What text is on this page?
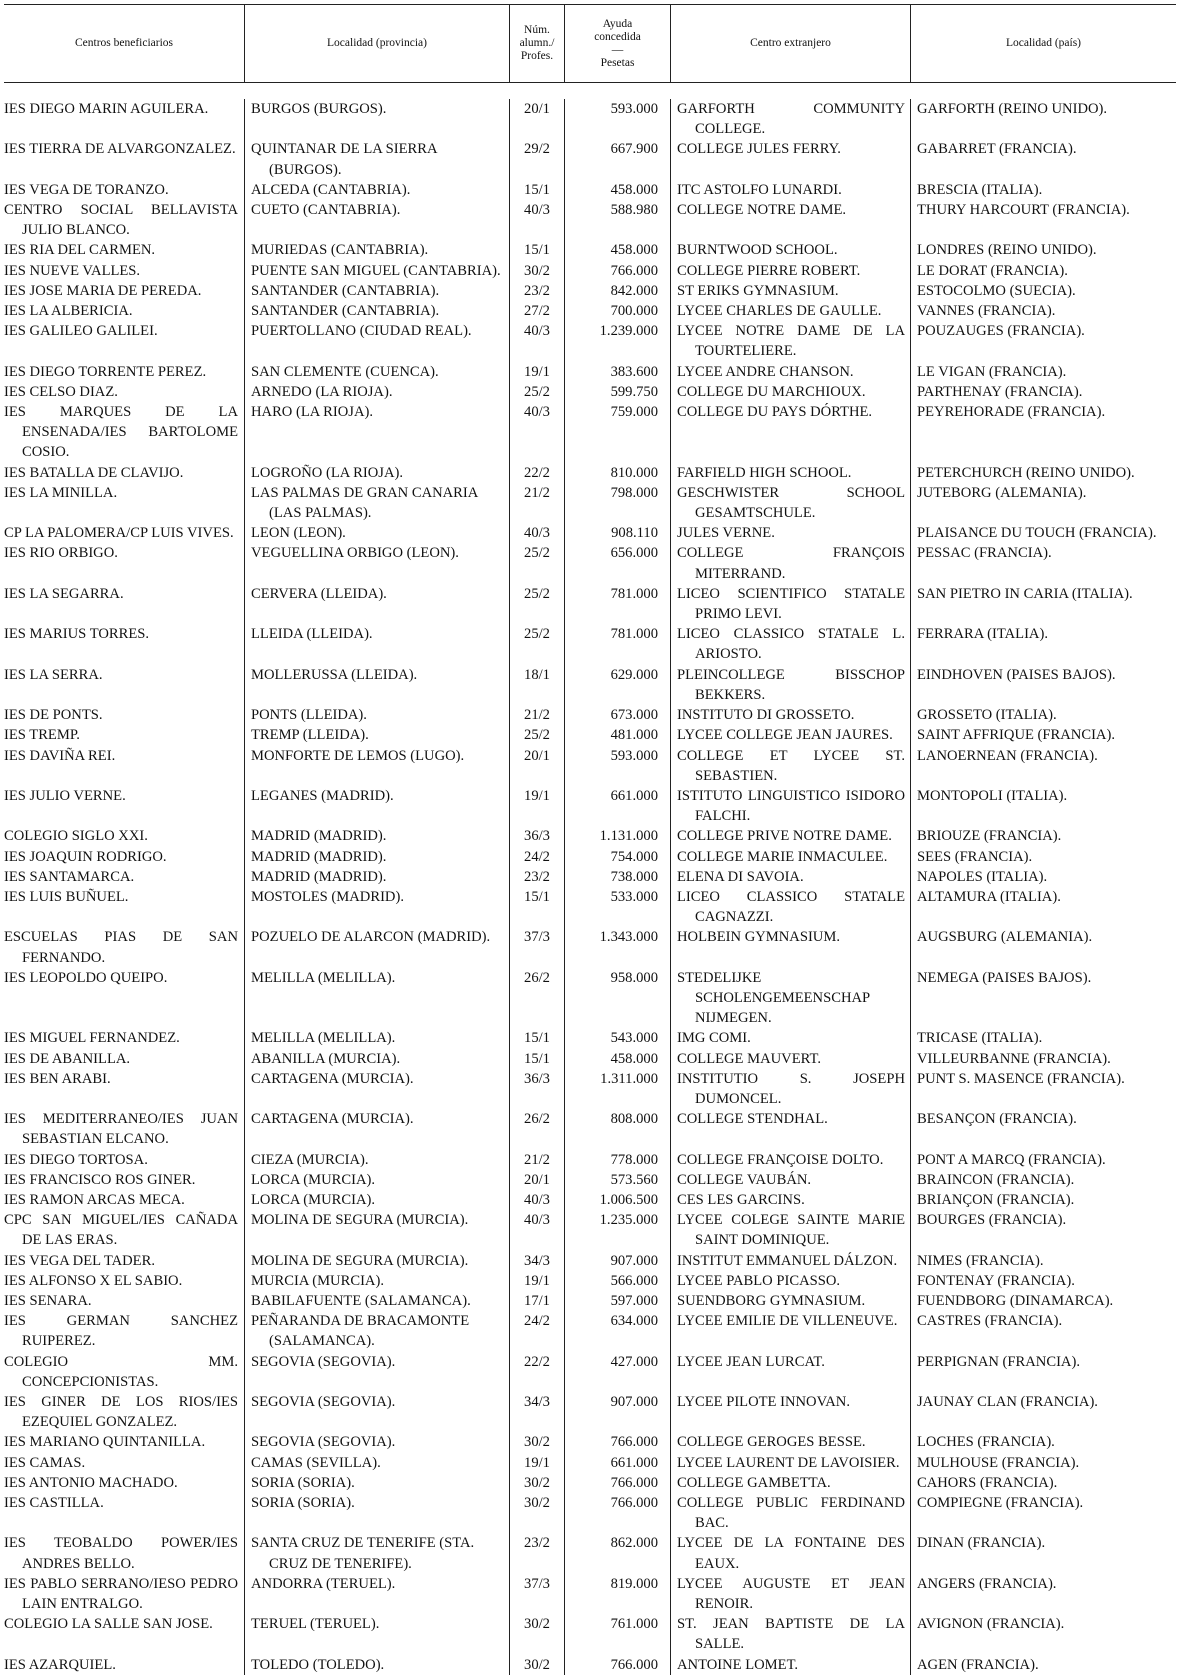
Centros beneficiarios	Localidad (provincia)
Núm.
alumn./
Profes.
Ayuda
concedida
—
Pesetas
Centro extranjero	Localidad (país)
IES DIEGO MARIN AGUILERA.
IES TIERRA DE ALVARGONZALEZ.
IES VEGA DE TORANZO.
CENTRO SOCIAL BELLAVISTA JULIO BLANCO.
IES RIA DEL CARMEN.
IES NUEVE VALLES.
IES JOSE MARIA DE PEREDA.
IES LA ALBERICIA.
IES GALILEO GALILEI.
IES DIEGO TORRENTE PEREZ.
IES CELSO DIAZ.
IES MARQUES DE LA ENSENADA/IES BARTOLOME COSIO.
IES BATALLA DE CLAVIJO.
IES LA MINILLA.
CP LA PALOMERA/CP LUIS VIVES.
IES RIO ORBIGO.
IES LA SEGARRA.
IES MARIUS TORRES.
IES LA SERRA.
IES DE PONTS.
IES TREMP.
IES DAVIÑA REI.
IES JULIO VERNE.
COLEGIO SIGLO XXI.
IES JOAQUIN RODRIGO.
IES SANTAMARCA.
IES LUIS BUÑUEL.
ESCUELAS PIAS DE SAN FERNANDO.
IES LEOPOLDO QUEIPO.
IES MIGUEL FERNANDEZ.
IES DE ABANILLA.
IES BEN ARABI.
IES MEDITERRANEO/IES JUAN SEBASTIAN ELCANO.
IES DIEGO TORTOSA.
IES FRANCISCO ROS GINER.
IES RAMON ARCAS MECA.
CPC SAN MIGUEL/IES CAÑADA DE LAS ERAS.
IES VEGA DEL TADER.
IES ALFONSO X EL SABIO.
IES SENARA.
IES GERMAN SANCHEZ RUIPEREZ.
COLEGIO MM. CONCEPCIONISTAS.
IES GINER DE LOS RIOS/IES EZEQUIEL GONZALEZ.
IES MARIANO QUINTANILLA.
IES CAMAS.
IES ANTONIO MACHADO.
IES CASTILLA.
IES TEOBALDO POWER/IES ANDRES BELLO.
IES PABLO SERRANO/IESO PEDRO LAIN ENTRALGO.
COLEGIO LA SALLE SAN JOSE.
IES AZARQUIEL.
BURGOS (BURGOS).
QUINTANAR DE LA SIERRA (BURGOS).
ALCEDA (CANTABRIA).
CUETO (CANTABRIA).
MURIEDAS (CANTABRIA).
PUENTE SAN MIGUEL (CANTABRIA).
SANTANDER (CANTABRIA).
SANTANDER (CANTABRIA).
PUERTOLLANO (CIUDAD REAL).
SAN CLEMENTE (CUENCA).
ARNEDO (LA RIOJA).
HARO (LA RIOJA).
LOGROÑO (LA RIOJA).
LAS PALMAS DE GRAN CANARIA (LAS PALMAS).
LEON (LEON).
VEGUELLINA ORBIGO (LEON).
CERVERA (LLEIDA).
LLEIDA (LLEIDA).
MOLLERUSSA (LLEIDA).
PONTS (LLEIDA).
TREMP (LLEIDA).
MONFORTE DE LEMOS (LUGO).
LEGANES (MADRID).
MADRID (MADRID).
MADRID (MADRID).
MADRID (MADRID).
MOSTOLES (MADRID).
POZUELO DE ALARCON (MADRID).
MELILLA (MELILLA).
MELILLA (MELILLA).
ABANILLA (MURCIA).
CARTAGENA (MURCIA).
CARTAGENA (MURCIA).
CIEZA (MURCIA).
LORCA (MURCIA).
LORCA (MURCIA).
MOLINA DE SEGURA (MURCIA).
MOLINA DE SEGURA (MURCIA).
MURCIA (MURCIA).
BABILAFUENTE (SALAMANCA).
PEÑARANDA DE BRACAMONTE (SALAMANCA).
SEGOVIA (SEGOVIA).
SEGOVIA (SEGOVIA).
SEGOVIA (SEGOVIA).
CAMAS (SEVILLA).
SORIA (SORIA).
SORIA (SORIA).
SANTA CRUZ DE TENERIFE (STA. CRUZ DE TENERIFE).
ANDORRA (TERUEL).
TERUEL (TERUEL).
TOLEDO (TOLEDO).
20/1
29/2
15/1
40/3
15/1
30/2
23/2
27/2
40/3
19/1
25/2
40/3
22/2
21/2
40/3
25/2
25/2
25/2
18/1
21/2
25/2
20/1
19/1
36/3
24/2
23/2
15/1
37/3
26/2
15/1
15/1
36/3
26/2
21/2
20/1
40/3
40/3
34/3
19/1
17/1
24/2
22/2
34/3
30/2
19/1
30/2
30/2
23/2
37/3
30/2
30/2
593.000
667.900
458.000
588.980
458.000
766.000
842.000
700.000
1.239.000
383.600
599.750
759.000
810.000
798.000
908.110
656.000
781.000
781.000
629.000
673.000
481.000
593.000
661.000
1.131.000
754.000
738.000
533.000
1.343.000
958.000
543.000
458.000
1.311.000
808.000
778.000
573.560
1.006.500
1.235.000
907.000
566.000
597.000
634.000
427.000
907.000
766.000
661.000
766.000
766.000
862.000
819.000
761.000
766.000
GARFORTH COMMUNITY COLLEGE.
COLLEGE JULES FERRY.
ITC ASTOLFO LUNARDI.
COLLEGE NOTRE DAME.
BURNTWOOD SCHOOL.
COLLEGE PIERRE ROBERT.
ST ERIKS GYMNASIUM.
LYCEE CHARLES DE GAULLE.
LYCEE NOTRE DAME DE LA TOURTELIERE.
LYCEE ANDRE CHANSON.
COLLEGE DU MARCHIOUX.
COLLEGE DU PAYS DÓRTHE.
FARFIELD HIGH SCHOOL.
GESCHWISTER SCHOOL GESAMTSCHULE.
JULES VERNE.
COLLEGE FRANÇOIS MITERRAND.
LICEO SCIENTIFICO STATALE PRIMO LEVI.
LICEO CLASSICO STATALE L. ARIOSTO.
PLEINCOLLEGE BISSCHOP BEKKERS.
INSTITUTO DI GROSSETO.
LYCEE COLLEGE JEAN JAURES.
COLLEGE ET LYCEE ST. SEBASTIEN.
ISTITUTO LINGUISTICO ISIDORO FALCHI.
COLLEGE PRIVE NOTRE DAME.
COLLEGE MARIE INMACULEE.
ELENA DI SAVOIA.
LICEO CLASSICO STATALE CAGNAZZI.
HOLBEIN GYMNASIUM.
STEDELIJKE SCHOLENGEMEENSCHAP NIJMEGEN.
IMG COMI.
COLLEGE MAUVERT.
INSTITUTIO S. JOSEPH DUMONCEL.
COLLEGE STENDHAL.
COLLEGE FRANÇOISE DOLTO.
COLLEGE VAUBÁN.
CES LES GARCINS.
LYCEE COLEGE SAINTE MARIE SAINT DOMINIQUE.
INSTITUT EMMANUEL DÁLZON.
LYCEE PABLO PICASSO.
SUENDBORG GYMNASIUM.
LYCEE EMILIE DE VILLENEUVE.
LYCEE JEAN LURCAT.
LYCEE PILOTE INNOVAN.
COLLEGE GEROGES BESSE.
LYCEE LAURENT DE LAVOISIER.
COLLEGE GAMBETTA.
COLLEGE PUBLIC FERDINAND BAC.
LYCEE DE LA FONTAINE DES EAUX.
LYCEE AUGUSTE ET JEAN RENOIR.
ST. JEAN BAPTISTE DE LA SALLE.
ANTOINE LOMET.
GARFORTH (REINO UNIDO).
GABARRET (FRANCIA).
BRESCIA (ITALIA).
THURY HARCOURT (FRANCIA).
LONDRES (REINO UNIDO).
LE DORAT (FRANCIA).
ESTOCOLMO (SUECIA).
VANNES (FRANCIA).
POUZAUGES (FRANCIA).
LE VIGAN (FRANCIA).
PARTHENAY (FRANCIA).
PEYREHORADE (FRANCIA).
PETERCHURCH (REINO UNIDO).
JUTEBORG (ALEMANIA).
PLAISANCE DU TOUCH (FRANCIA).
PESSAC (FRANCIA).
SAN PIETRO IN CARIA (ITALIA).
FERRARA (ITALIA).
EINDHOVEN (PAISES BAJOS).
GROSSETO (ITALIA).
SAINT AFFRIQUE (FRANCIA).
LANOERNEAN (FRANCIA).
MONTOPOLI (ITALIA).
BRIOUZE (FRANCIA).
SEES (FRANCIA).
NAPOLES (ITALIA).
ALTAMURA (ITALIA).
AUGSBURG (ALEMANIA).
NEMEGA (PAISES BAJOS).
TRICASE (ITALIA).
VILLEURBANNE (FRANCIA).
PUNT S. MASENCE (FRANCIA).
BESANÇON (FRANCIA).
PONT A MARCQ (FRANCIA).
BRAINCON (FRANCIA).
BRIANÇON (FRANCIA).
BOURGES (FRANCIA).
NIMES (FRANCIA).
FONTENAY (FRANCIA).
FUENDBORG (DINAMARCA).
CASTRES (FRANCIA).
PERPIGNAN (FRANCIA).
JAUNAY CLAN (FRANCIA).
LOCHES (FRANCIA).
MULHOUSE (FRANCIA).
CAHORS (FRANCIA).
COMPIEGNE (FRANCIA).
DINAN (FRANCIA).
ANGERS (FRANCIA).
AVIGNON (FRANCIA).
AGEN (FRANCIA).
